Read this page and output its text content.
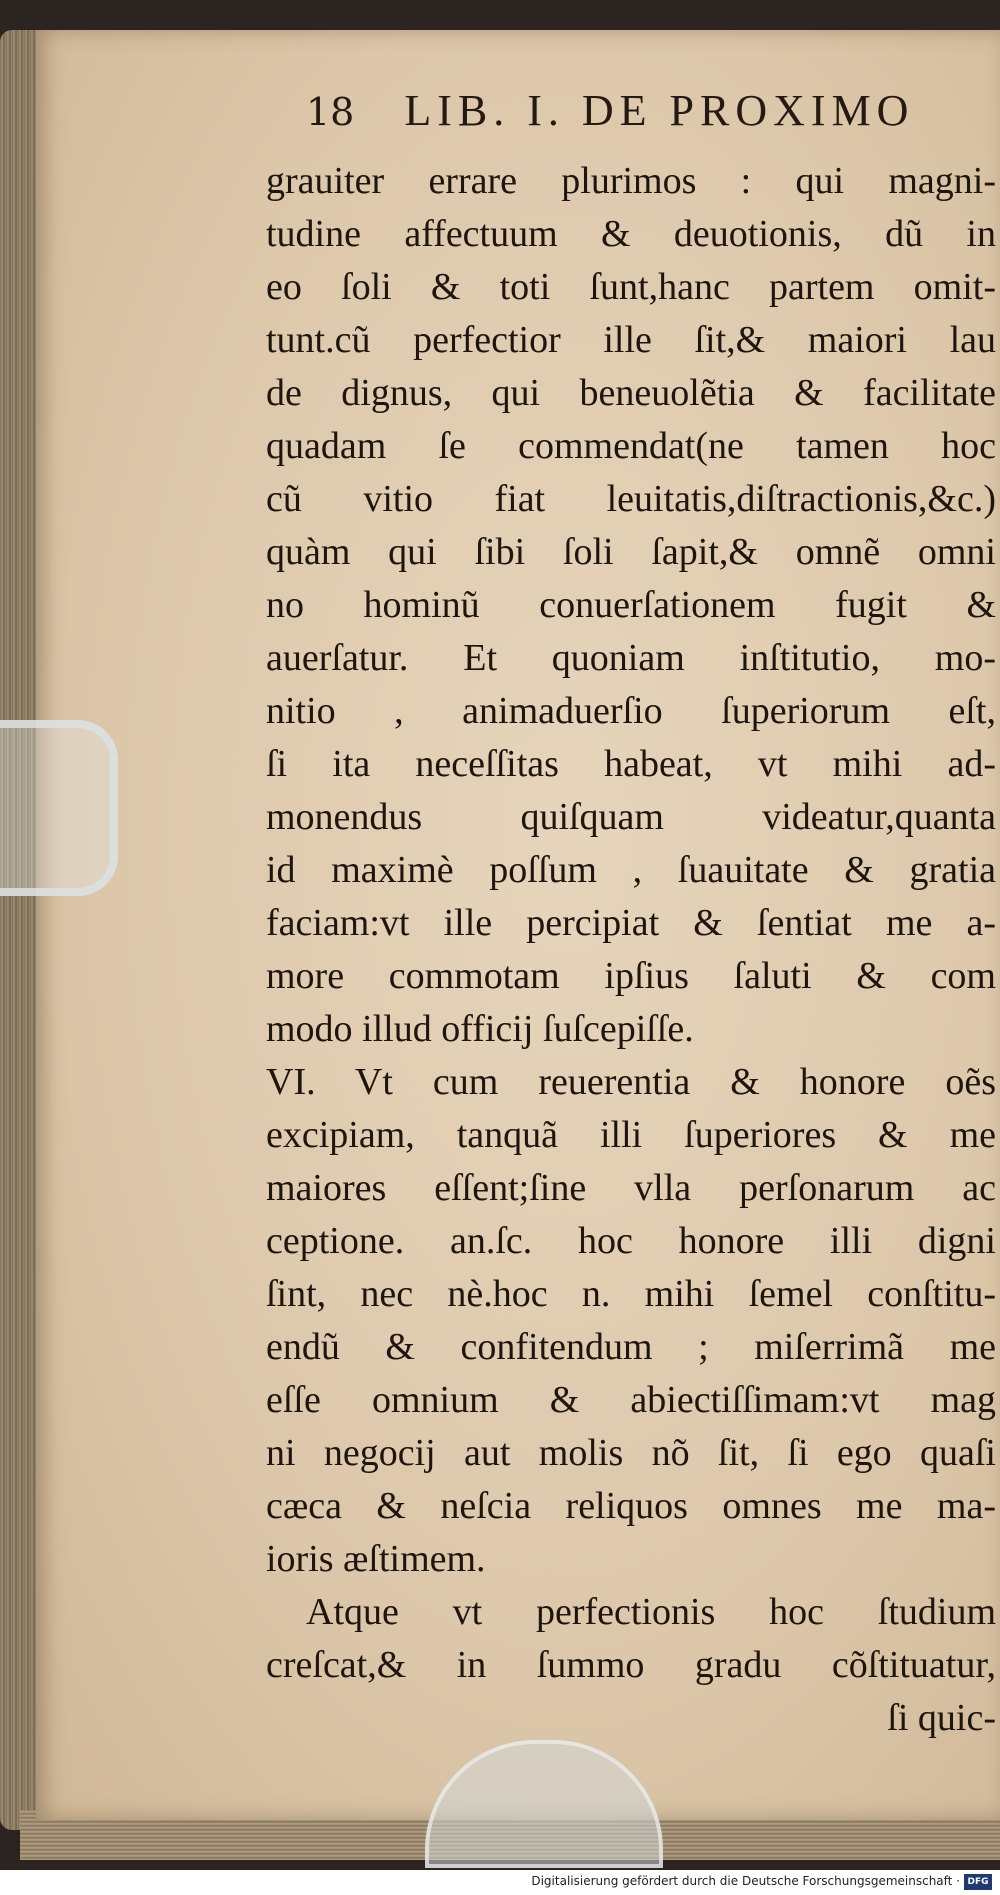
18 LIB. I. DE PROXIMO
grauiter errare plurimos : qui magni-
tudine affectuum & deuotionis, dũ in
eo ſoli & toti ſunt,hanc partem omit-
tunt.cũ perfectior ille ſit,& maiori lau
de dignus, qui beneuolẽtia & facilitate
quadam ſe commendat(ne tamen hoc
cũ vitio fiat leuitatis,diſtractionis,&c.)
quàm qui ſibi ſoli ſapit,& omnẽ omni
no hominũ conuerſationem fugit &
auerſatur. Et quoniam inſtitutio, mo-
nitio , animaduerſio ſuperiorum eſt,
ſi ita neceſſitas habeat, vt mihi ad-
monendus quiſquam videatur,quanta
id maximè poſſum , ſuauitate & gratia
faciam:vt ille percipiat & ſentiat me a-
more commotam ipſius ſaluti & com
modo illud officij ſuſcepiſſe.
VI. Vt cum reuerentia & honore oẽs
excipiam, tanquã illi ſuperiores & me
maiores eſſent;ſine vlla perſonarum ac
ceptione. an.ſc. hoc honore illi digni
ſint, nec nè.hoc n. mihi ſemel conſtitu-
endũ & confitendum ; miſerrimã me
eſſe omnium & abiectiſſimam:vt mag
ni negocij aut molis nõ ſit, ſi ego quaſi
cæca & neſcia reliquos omnes me ma-
ioris æſtimem.
Atque vt perfectionis hoc ſtudium
creſcat,& in ſummo gradu cõſtituatur,
ſi quic-
Digitalisierung gefördert durch die Deutsche Forschungsgemeinschaft · DFG
